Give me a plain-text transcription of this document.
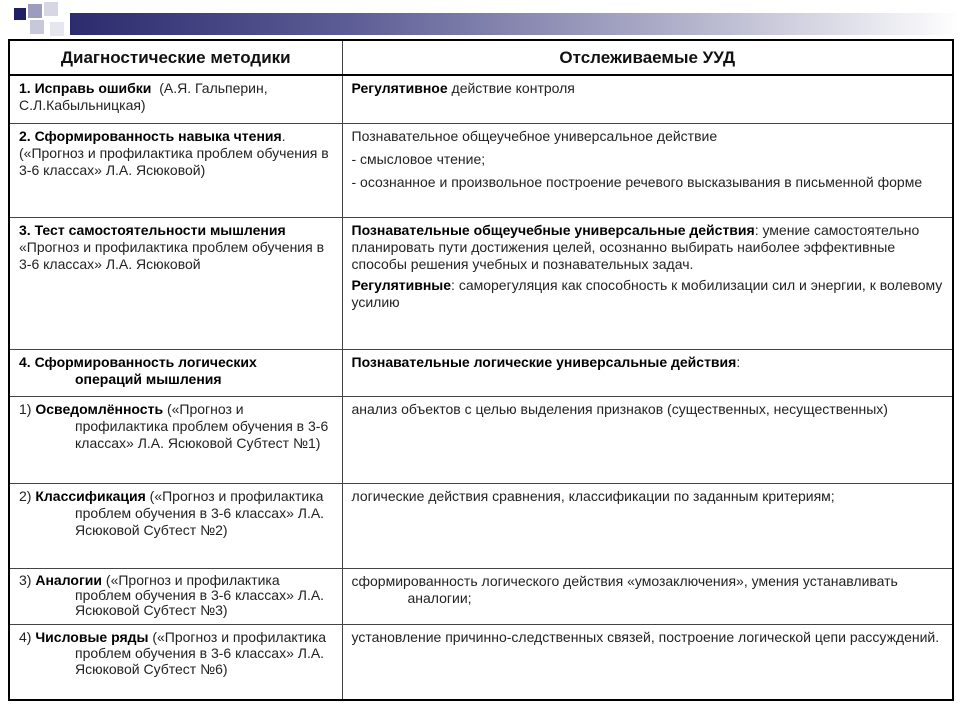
Диагностические методики	Отслеживаемые УУД
1. Исправь ошибки (А.Я. Гальперин, С.Л.Кабыльницкая)	Регулятивное действие контроля
2. Сформированность навыка чтения. («Прогноз и профилактика проблем обучения в 3-6 классах» Л.А. Ясюковой)	Познавательное общеучебное универсальное действие
- смысловое чтение;
- осознанное и произвольное построение речевого высказывания в письменной форме

3. Тест самостоятельности мышления «Прогноз и профилактика проблем обучения в 3-6 классах» Л.А. Ясюковой	Познавательные общеучебные универсальные действия: умение самостоятельно планировать пути достижения целей, осознанно выбирать наиболее эффективные способы решения учебных и познавательных задач.
Регулятивные: саморегуляция как способность к мобилизации сил и энергии, к волевому усилию

4. Сформированность логических
операций мышления	Познавательные логические универсальные действия:

1) Осведомлённость («Прогноз и профилактика проблем обучения в 3-6 классах» Л.А. Ясюковой Субтест №1)	анализ объектов с целью выделения признаков (существенных, несущественных)

2) Классификация («Прогноз и профилактика проблем обучения в 3-6 классах» Л.А. Ясюковой Субтест №2)	логические действия сравнения, классификации по заданным критериям;

3) Аналогии («Прогноз и профилактика проблем обучения в 3-6 классах» Л.А. Ясюковой Субтест №3)	сформированность логического действия «умозаключения», умения устанавливать аналогии;

4) Числовые ряды («Прогноз и профилактика проблем обучения в 3-6 классах» Л.А. Ясюковой Субтест №6)	установление причинно-следственных связей, построение логической цепи рассуждений.
